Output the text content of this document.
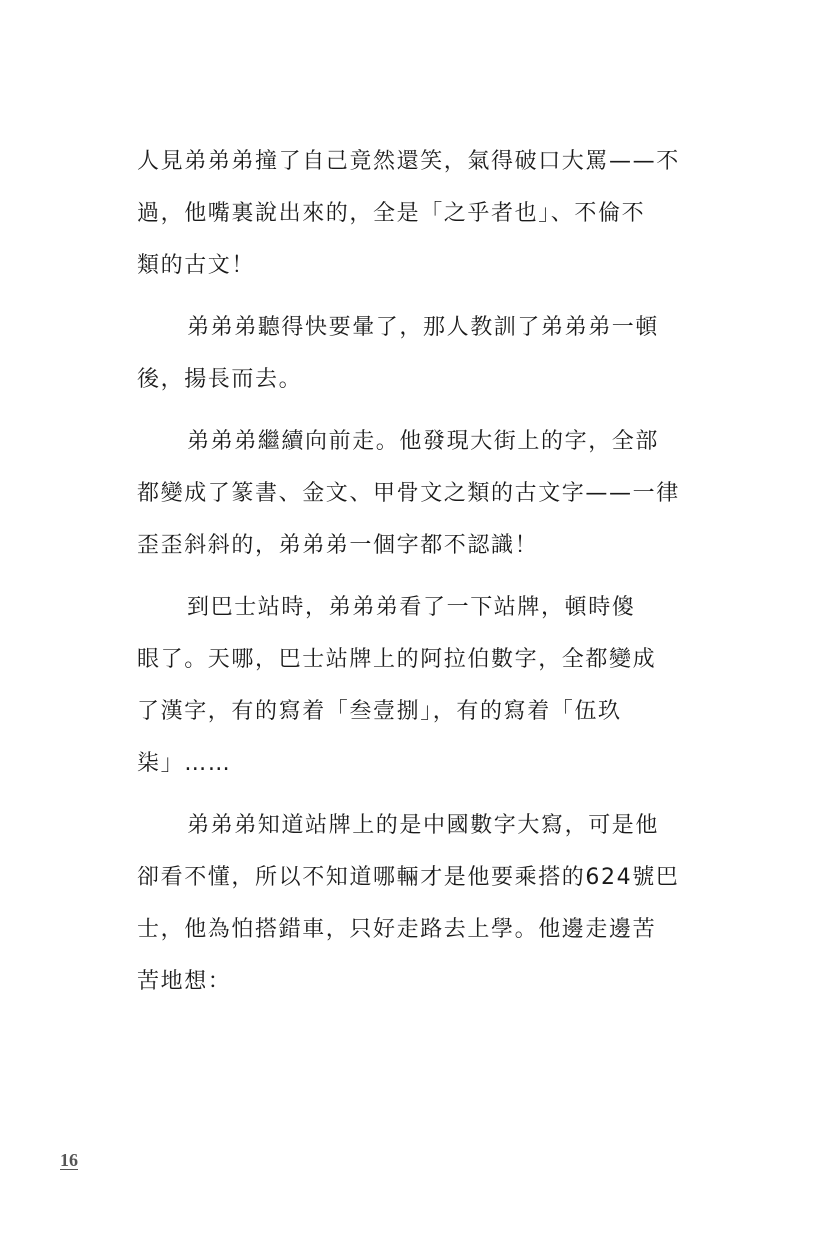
人見弟弟弟撞了自己竟然還笑，氣得破口大罵——不
過，他嘴裏說出來的，全是「之乎者也」、不倫不
類的古文！
弟弟弟聽得快要暈了，那人教訓了弟弟弟一頓
後，揚長而去。
弟弟弟繼續向前走。他發現大街上的字，全部
都變成了篆書、金文、甲骨文之類的古文字——一律
歪歪斜斜的，弟弟弟一個字都不認識！
到巴士站時，弟弟弟看了一下站牌，頓時傻
眼了。天哪，巴士站牌上的阿拉伯數字，全都變成
了漢字，有的寫着「叁壹捌」，有的寫着「伍玖
柒」……
弟弟弟知道站牌上的是中國數字大寫，可是他
卻看不懂，所以不知道哪輛才是他要乘搭的624號巴
士，他為怕搭錯車，只好走路去上學。他邊走邊苦
苦地想：
16
